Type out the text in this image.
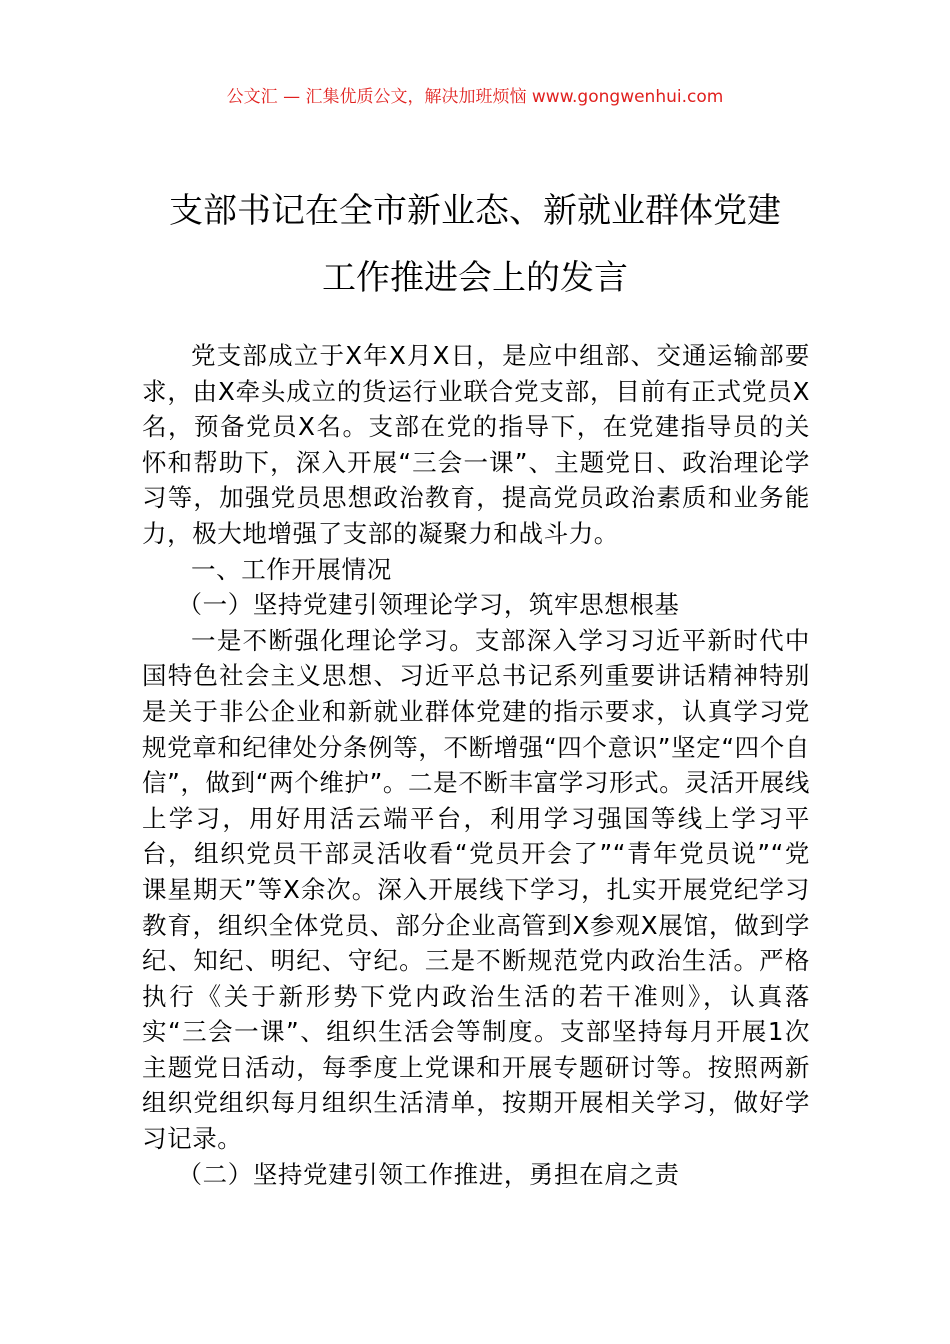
公文汇 — 汇集优质公文，解决加班烦恼 www.gongwenhui.com
支部书记在全市新业态、新就业群体党建
工作推进会上的发言

党支部成立于X年X月X日，是应中组部、交通运输部要求，由X牵头成立的货运行业联合党支部，目前有正式党员X名，预备党员X名。支部在党的指导下，在党建指导员的关怀和帮助下，深入开展“三会一课”、主题党日、政治理论学习等，加强党员思想政治教育，提高党员政治素质和业务能力，极大地增强了支部的凝聚力和战斗力。

一、工作开展情况

（一）坚持党建引领理论学习，筑牢思想根基

一是不断强化理论学习。支部深入学习习近平新时代中国特色社会主义思想、习近平总书记系列重要讲话精神特别是关于非公企业和新就业群体党建的指示要求，认真学习党规党章和纪律处分条例等，不断增强“四个意识”坚定“四个自信”，做到“两个维护”。二是不断丰富学习形式。灵活开展线上学习，用好用活云端平台，利用学习强国等线上学习平台，组织党员干部灵活收看“党员开会了”“青年党员说”“党课星期天”等X余次。深入开展线下学习，扎实开展党纪学习教育，组织全体党员、部分企业高管到X参观X展馆，做到学纪、知纪、明纪、守纪。三是不断规范党内政治生活。严格执行《关于新形势下党内政治生活的若干准则》，认真落实“三会一课”、组织生活会等制度。支部坚持每月开展1次主题党日活动，每季度上党课和开展专题研讨等。按照两新组织党组织每月组织生活清单，按期开展相关学习，做好学习记录。

（二）坚持党建引领工作推进，勇担在肩之责
